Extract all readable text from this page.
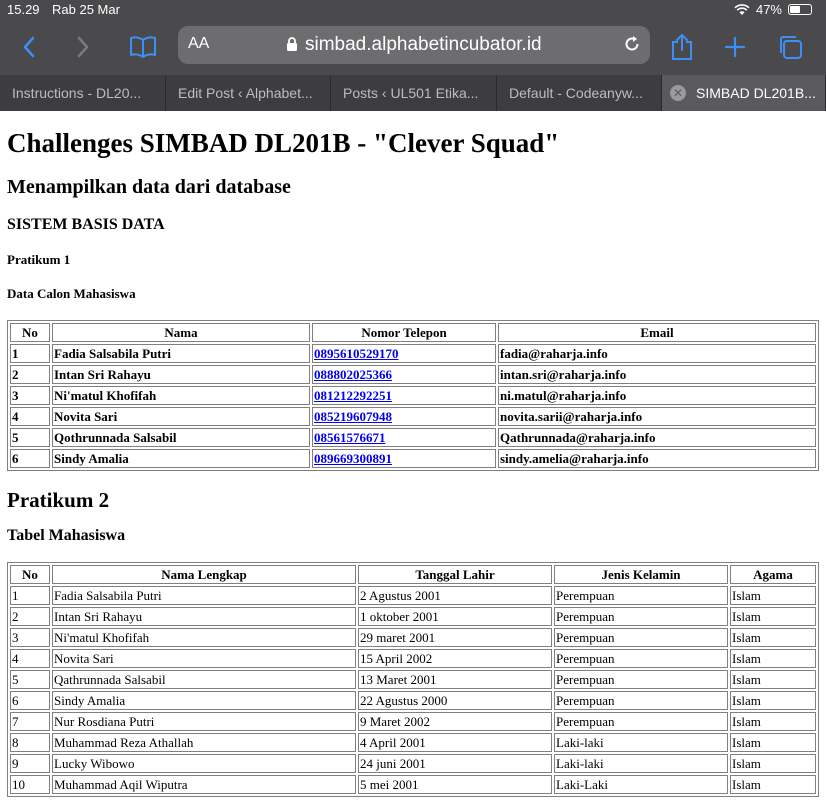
15.29 Rab 25 Mar	47%
AA	simbad.alphabetincubator.id
Instructions - DL20...	Edit Post ‹ Alphabet...	Posts ‹ UL501 Etika...	Default - Codeanyw...	✕ SIMBAD DL201B...
Challenges SIMBAD DL201B - "Clever Squad"
Menampilkan data dari database
SISTEM BASIS DATA
Pratikum 1
Data Calon Mahasiswa
No	Nama	Nomor Telepon	Email
1	Fadia Salsabila Putri	0895610529170	fadia@raharja.info
2	Intan Sri Rahayu	088802025366	intan.sri@raharja.info
3	Ni'matul Khofifah	081212292251	ni.matul@raharja.info
4	Novita Sari	085219607948	novita.sarii@raharja.info
5	Qothrunnada Salsabil	08561576671	Qathrunnada@raharja.info
6	Sindy Amalia	089669300891	sindy.amelia@raharja.info
Pratikum 2
Tabel Mahasiswa
No	Nama Lengkap	Tanggal Lahir	Jenis Kelamin	Agama
1	Fadia Salsabila Putri	2 Agustus 2001	Perempuan	Islam
2	Intan Sri Rahayu	1 oktober 2001	Perempuan	Islam
3	Ni'matul Khofifah	29 maret 2001	Perempuan	Islam
4	Novita Sari	15 April 2002	Perempuan	Islam
5	Qathrunnada Salsabil	13 Maret 2001	Perempuan	Islam
6	Sindy Amalia	22 Agustus 2000	Perempuan	Islam
7	Nur Rosdiana Putri	9 Maret 2002	Perempuan	Islam
8	Muhammad Reza Athallah	4 April 2001	Laki-laki	Islam
9	Lucky Wibowo	24 juni 2001	Laki-laki	Islam
10	Muhammad Aqil Wiputra	5 mei 2001	Laki-Laki	Islam
